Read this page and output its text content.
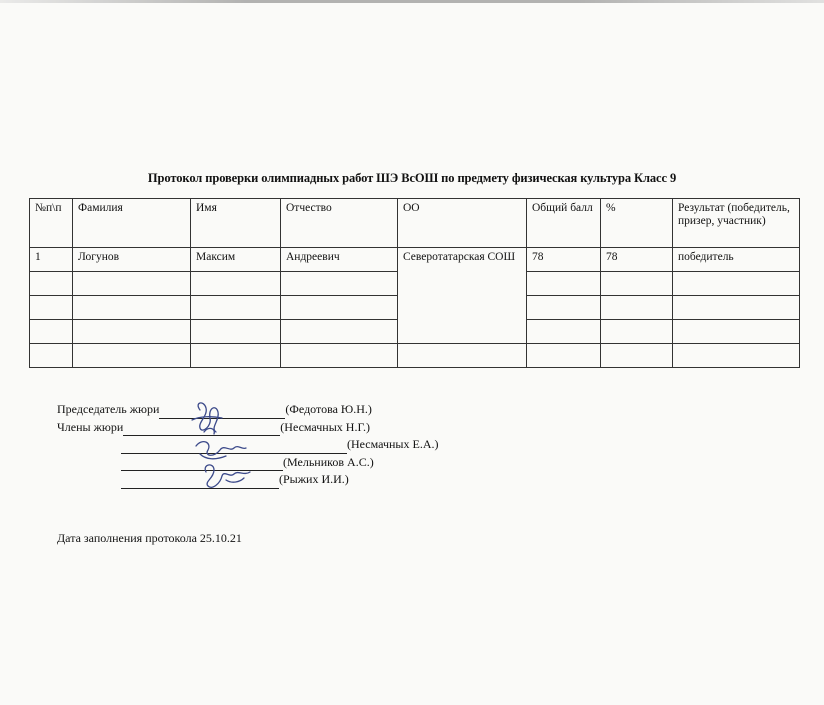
Протокол проверки олимпиадных работ ШЭ ВсОШ по предмету физическая культура Класс 9
№п\п	Фамилия	Имя	Отчество	ОО	Общий балл	%	Результат (победитель, призер, участник)
1	Логунов	Максим	Андреевич	Северотатарская СОШ	78	78	победитель

Председатель жюри	(Федотова Ю.Н.)
Члены жюри	(Несмачных Н.Г.)
(Несмачных Е.А.)
(Мельников А.С.)
(Рыжих И.И.)
Дата заполнения протокола 25.10.21
